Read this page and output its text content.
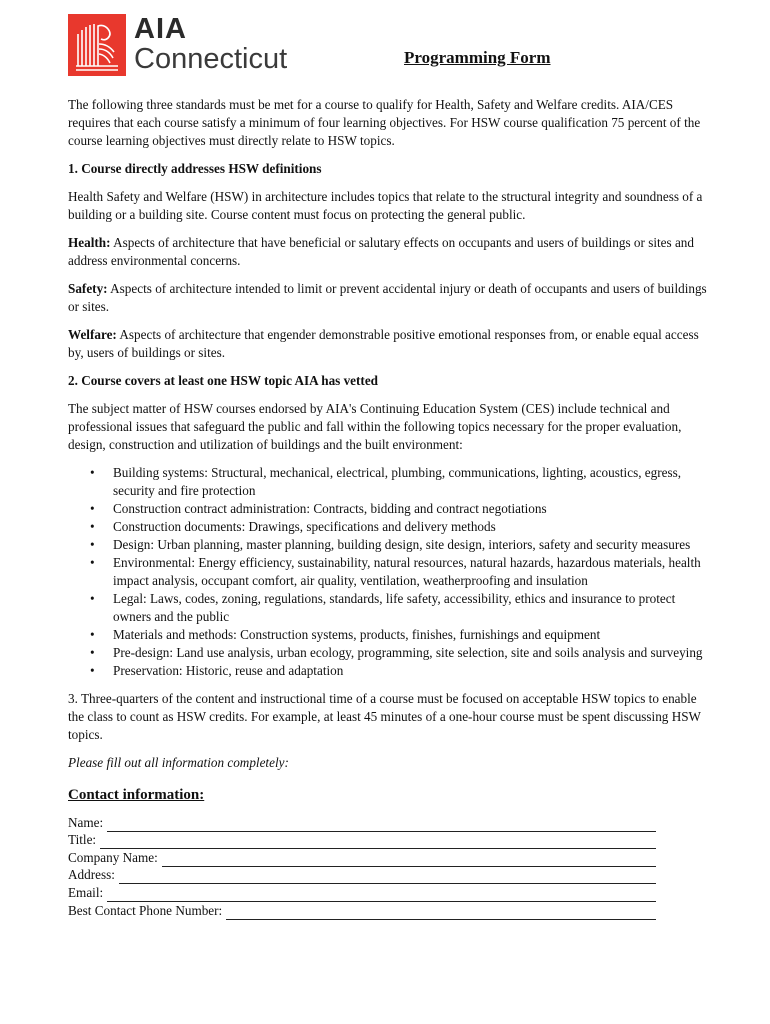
AIA
Connecticut	Programming Form

The following three standards must be met for a course to qualify for Health, Safety and Welfare credits. AIA/CES requires that each course satisfy a minimum of four learning objectives. For HSW course qualification 75 percent of the course learning objectives must directly relate to HSW topics.

1. Course directly addresses HSW definitions

Health Safety and Welfare (HSW) in architecture includes topics that relate to the structural integrity and soundness of a building or a building site. Course content must focus on protecting the general public.

Health: Aspects of architecture that have beneficial or salutary effects on occupants and users of buildings or sites and address environmental concerns.

Safety: Aspects of architecture intended to limit or prevent accidental injury or death of occupants and users of buildings or sites.

Welfare: Aspects of architecture that engender demonstrable positive emotional responses from, or enable equal access by, users of buildings or sites.

2. Course covers at least one HSW topic AIA has vetted

The subject matter of HSW courses endorsed by AIA's Continuing Education System (CES) include technical and professional issues that safeguard the public and fall within the following topics necessary for the proper evaluation, design, construction and utilization of buildings and the built environment:

• Building systems: Structural, mechanical, electrical, plumbing, communications, lighting, acoustics, egress, security and fire protection
• Construction contract administration: Contracts, bidding and contract negotiations
• Construction documents: Drawings, specifications and delivery methods
• Design: Urban planning, master planning, building design, site design, interiors, safety and security measures
• Environmental: Energy efficiency, sustainability, natural resources, natural hazards, hazardous materials, health impact analysis, occupant comfort, air quality, ventilation, weatherproofing and insulation
• Legal: Laws, codes, zoning, regulations, standards, life safety, accessibility, ethics and insurance to protect owners and the public
• Materials and methods: Construction systems, products, finishes, furnishings and equipment
• Pre-design: Land use analysis, urban ecology, programming, site selection, site and soils analysis and surveying
• Preservation: Historic, reuse and adaptation

3. Three-quarters of the content and instructional time of a course must be focused on acceptable HSW topics to enable the class to count as HSW credits. For example, at least 45 minutes of a one-hour course must be spent discussing HSW topics.

Please fill out all information completely:
Contact information:
Name:
Title:
Company Name:
Address:
Email:
Best Contact Phone Number:
